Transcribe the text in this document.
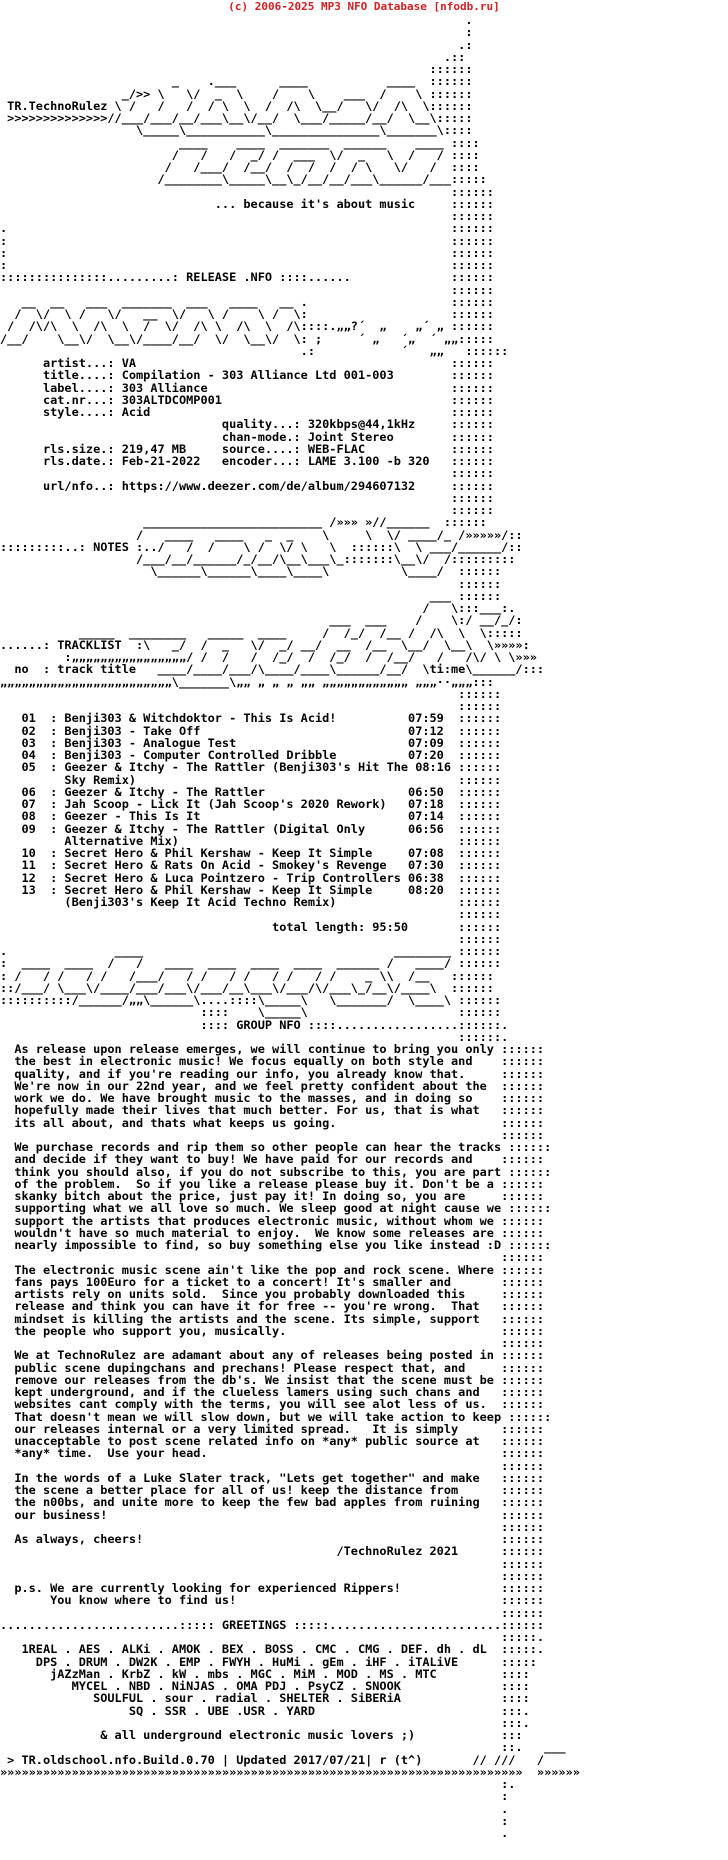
(c) 2006-2025 MP3 NFO Database [nfodb.ru]
.
:
.:
.::
::::::
_    .___      ____           ____  ::::::
_/>> \   \/  _  \    /    \    ___  /    \ ::::::
TR.TechnoRulez \ /   /   /  / \  \  /  /\  \__/   \/  /\  \::::::
>>>>>>>>>>>>>>//___/___/__/___\__\/__/  \___/_____/__/  \__\:::::
\_____\___________\_______________\_______\::::
____    ____  _______  ______    ____ ::::
/   /   /  _/ /  ___  \/  _   \  /   / ::::
/   /___/  /__/  /  /  /  / \   \/   /  ::::
/________\_____\__\_/__/__/___\______/___:::::
::::::
... because it's about music     ::::::
::::::
.                                                              ::::::
:                                                              ::::::
:                                                              ::::::
:                                                              ::::::
:::::::::::::::.........: RELEASE .NFO ::::......              ::::::
::::::
__  __   ___  _______  ___   ____   __ .                    ::::::
/  \/  \ /   \/   __  \/   \ /    \ /  \:                    ::::::
/  /\/\  \  /\  \  /  \/  /\ \  /\  \  /\::::.„„?´  „    „´ „ ::::::
/__/    \__\/  \__\/____/__/  \/  \__\/  \: ;     ´ „   ´„  ´ „„:::::
.:            ´   „„   ::::::
artist...: VA                                            ::::::
title....: Compilation - 303 Alliance Ltd 001-003        ::::::
label....: 303 Alliance                                  ::::::
cat.nr...: 303ALTDCOMP001                                ::::::
style....: Acid                                          ::::::
quality...: 320kbps@44,1kHz     ::::::
chan-mode.: Joint Stereo        ::::::
rls.size.: 219,47 MB     source....: WEB-FLAC            ::::::
rls.date.: Feb-21-2022   encoder...: LAME 3.100 -b 320   ::::::
::::::
url/nfo..: https://www.deezer.com/de/album/294607132     ::::::
::::::
::::::
_________________________ /»»» »//______  ::::::
/   ____   ____   _  _    \     \  \/ ____/_ /»»»»»/::
:::::::::..: NOTES :../   /  /    \ /  \/ \   \  ::::::\  \ ___/______/::
/___/__/______/_/__/\__\___\_:::::::\__\/  /:::::::::
\______\______\____\____\          \____/  ::::::
::::::
___ ::::::
/   \:::___:.
___  ___    /    \:/ __/_/:
_____  ________   _____  ____     /  /_/  /__ /  /\  \  \:::::
......: TRACKLIST  :\   _/  /  _   \/  _/ __/  __  /__  \__/  \__\  \»»»»:
:„„„„„„„„„„„„„„„„/ /  /   /  /_/  /  /_/  /  /__/   /   /\/ \ \»»»
no  : track title   ____/____/___/\____/____\______/__/  \ti:me\______/:::
„„„„„„„„„„„„„„„„„„„„„„„„\_______\„„ „ „ „ „„ „„„„„„„„„„„„ „„„··„„„:::
::::::
::::::
01  : Benji303 & Witchdoktor - This Is Acid!          07:59  ::::::
02  : Benji303 - Take Off                             07:12  ::::::
03  : Benji303 - Analogue Test                        07:09  ::::::
04  : Benji303 - Computer Controlled Dribble          07:20  ::::::
05  : Geezer & Itchy - The Rattler (Benji303's Hit The 08:16 ::::::
Sky Remix)                                             ::::::
06  : Geezer & Itchy - The Rattler                    06:50  ::::::
07  : Jah Scoop - Lick It (Jah Scoop's 2020 Rework)   07:18  ::::::
08  : Geezer - This Is It                             07:14  ::::::
09  : Geezer & Itchy - The Rattler (Digital Only      06:56  ::::::
Alternative Mix)                                       ::::::
10  : Secret Hero & Phil Kershaw - Keep It Simple     07:08  ::::::
11  : Secret Hero & Rats On Acid - Smokey's Revenge   07:30  ::::::
12  : Secret Hero & Luca Pointzero - Trip Controllers 06:38  ::::::
13  : Secret Hero & Phil Kershaw - Keep It Simple     08:20  ::::::
(Benji303's Keep It Acid Techno Remix)                 ::::::
::::::
total length: 95:50       ::::::
::::::
.               ____                                   ________ ::::::
:  ____  ____  /   /   ____  ____  ____  ____  ______ /   ____/ ::::::
: /   / /   / /   /___/   / /   / /   / /   / /    _ \\  /__   ::::::
::/___/ \___\/____/___/___\/___/__\___\/___/\/___\_/__\/____\  ::::::
::::::::::/______/„„\______\....::::\_____\   \_______/  \____\ ::::::
::::    \_____\                     ::::::
:::: GROUP NFO ::::.................::::::.
::::::.
As release upon release emerges, we will continue to bring you only ::::::
the best in electronic music! We focus equally on both style and    ::::::
quality, and if you're reading our info, you already know that.     ::::::
We're now in our 22nd year, and we feel pretty confident about the  ::::::
work we do. We have brought music to the masses, and in doing so    ::::::
hopefully made their lives that much better. For us, that is what   ::::::
its all about, and thats what keeps us going.                       ::::::
::::::
We purchase records and rip them so other people can hear the tracks ::::::
and decide if they want to buy! We have paid for our records and    ::::::
think you should also, if you do not subscribe to this, you are part ::::::
of the problem.  So if you like a release please buy it. Don't be a ::::::
skanky bitch about the price, just pay it! In doing so, you are     ::::::
supporting what we all love so much. We sleep good at night cause we ::::::
support the artists that produces electronic music, without whom we ::::::
wouldn't have so much material to enjoy.  We know some releases are ::::::
nearly impossible to find, so buy something else you like instead :D ::::::
::::::
The electronic music scene ain't like the pop and rock scene. Where ::::::
fans pays 100Euro for a ticket to a concert! It's smaller and       ::::::
artists rely on units sold.  Since you probably downloaded this     ::::::
release and think you can have it for free -- you're wrong.  That   ::::::
mindset is killing the artists and the scene. Its simple, support   ::::::
the people who support you, musically.                              ::::::
::::::
We at TechnoRulez are adamant about any of releases being posted in ::::::
public scene dupingchans and prechans! Please respect that, and     ::::::
remove our releases from the db's. We insist that the scene must be ::::::
kept underground, and if the clueless lamers using such chans and   ::::::
websites cant comply with the terms, you will see alot less of us.  ::::::
That doesn't mean we will slow down, but we will take action to keep ::::::
our releases internal or a very limited spread.   It is simply      ::::::
unacceptable to post scene related info on *any* public source at   ::::::
*any* time.  Use your head.                                         ::::::
::::::
In the words of a Luke Slater track, "Lets get together" and make   ::::::
the scene a better place for all of us! keep the distance from      ::::::
the n00bs, and unite more to keep the few bad apples from ruining   ::::::
our business!                                                       ::::::
::::::
As always, cheers!                                                  ::::::
/TechnoRulez 2021      ::::::
::::::
::::::
p.s. We are currently looking for experienced Rippers!              ::::::
You know where to find us!                                     ::::::
::::::
.........................::::: GREETINGS :::::........................::::::
:::::.
1REAL . AES . ALKi . AMOK . BEX . BOSS . CMC . CMG . DEF. dh . dL  :::::.
DPS . DRUM . DW2K . EMP . FWYH . HuMi . gEm . iHF . iTALiVE      :::::
jAZzMan . KrbZ . kW . mbs . MGC . MiM . MOD . MS . MTC         ::::
MYCEL . NBD . NiNJAS . OMA PDJ . PsyCZ . SNOOK              ::::
SOULFUL . sour . radial . SHELTER . SiBERiA              ::::
SQ . SSR . UBE .USR . YARD                          :::.
:::.
& all underground electronic music lovers ;)            :::
::.   ___
> TR.oldschool.nfo.Build.0.70 | Updated 2017/07/21| r (t^)       // ///   /
»»»»»»»»»»»»»»»»»»»»»»»»»»»»»»»»»»»»»»»»»»»»»»»»»»»»»»»»»»»»»»»»»»»»»»»»»  »»»»»»
:.
:
.
:
.
